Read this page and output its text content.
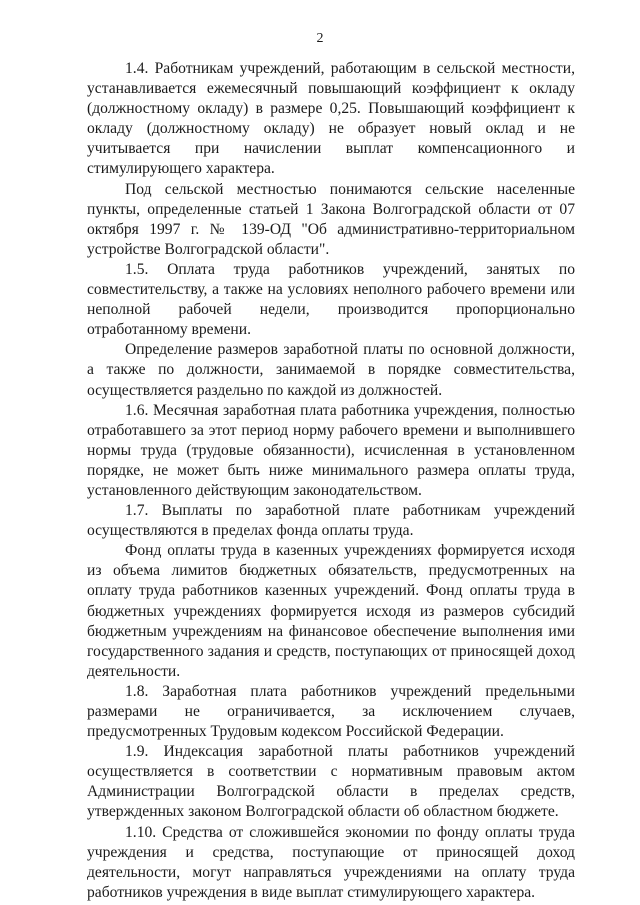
2

1.4. Работникам учреждений, работающим в сельской местности, устанавливается ежемесячный повышающий коэффициент к окладу (должностному окладу) в размере 0,25. Повышающий коэффициент к окладу (должностному окладу) не образует новый оклад и не учитывается при начислении выплат компенсационного и стимулирующего характера.

Под сельской местностью понимаются сельские населенные пункты, определенные статьей 1 Закона Волгоградской области от 07 октября 1997 г. № 139-ОД "Об административно-территориальном устройстве Волгоградской области".

1.5. Оплата труда работников учреждений, занятых по совместительству, а также на условиях неполного рабочего времени или неполной рабочей недели, производится пропорционально отработанному времени.

Определение размеров заработной платы по основной должности, а также по должности, занимаемой в порядке совместительства, осуществляется раздельно по каждой из должностей.

1.6. Месячная заработная плата работника учреждения, полностью отработавшего за этот период норму рабочего времени и выполнившего нормы труда (трудовые обязанности), исчисленная в установленном порядке, не может быть ниже минимального размера оплаты труда, установленного действующим законодательством.

1.7. Выплаты по заработной плате работникам учреждений осуществляются в пределах фонда оплаты труда.

Фонд оплаты труда в казенных учреждениях формируется исходя из объема лимитов бюджетных обязательств, предусмотренных на оплату труда работников казенных учреждений. Фонд оплаты труда в бюджетных учреждениях формируется исходя из размеров субсидий бюджетным учреждениям на финансовое обеспечение выполнения ими государственного задания и средств, поступающих от приносящей доход деятельности.

1.8. Заработная плата работников учреждений предельными размерами не ограничивается, за исключением случаев, предусмотренных Трудовым кодексом Российской Федерации.

1.9. Индексация заработной платы работников учреждений осуществляется в соответствии с нормативным правовым актом Администрации Волгоградской области в пределах средств, утвержденных законом Волгоградской области об областном бюджете.

1.10. Средства от сложившейся экономии по фонду оплаты труда учреждения и средства, поступающие от приносящей доход деятельности, могут направляться учреждениями на оплату труда работников учреждения в виде выплат стимулирующего характера.
